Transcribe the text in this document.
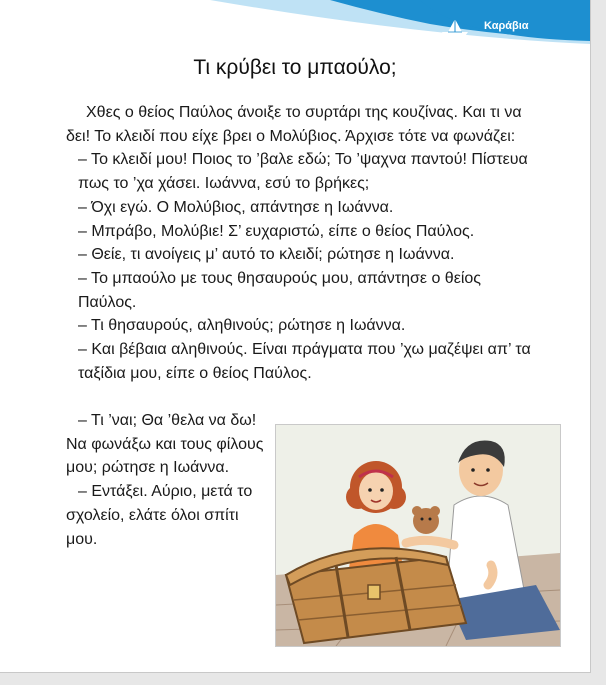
Καράβια
Τι κρύβει το μπαούλο;

Χθες ο θείος Παύλος άνοιξε το συρτάρι της κουζίνας. Και τι να δει! Το κλειδί που είχε βρει ο Μολύβιος. Άρχισε τότε να φωνάζει:

– Το κλειδί μου! Ποιος το ’βαλε εδώ; Το ’ψαχνα παντού! Πίστευα πως το ’χα χάσει. Ιωάννα, εσύ το βρήκες;

– Όχι εγώ. Ο Μολύβιος, απάντησε η Ιωάννα.

– Μπράβο, Μολύβιε! Σ’ ευχαριστώ, είπε ο θείος Παύλος.

– Θείε, τι ανοίγεις μ’ αυτό το κλειδί; ρώτησε η Ιωάννα.

– Το μπαούλο με τους θησαυρούς μου, απάντησε ο θείος Παύλος.

– Τι θησαυρούς, αληθινούς; ρώτησε η Ιωάννα.

– Και βέβαια αληθινούς. Είναι πράγματα που ’χω μαζέψει απ’ τα ταξίδια μου, είπε ο θείος Παύλος.

– Τι ’ναι; Θα ’θελα να δω! Να φωνάξω και τους φίλους μου; ρώτησε η Ιωάννα.

– Εντάξει. Αύριο, μετά το σχολείο, ελάτε όλοι σπίτι μου.
